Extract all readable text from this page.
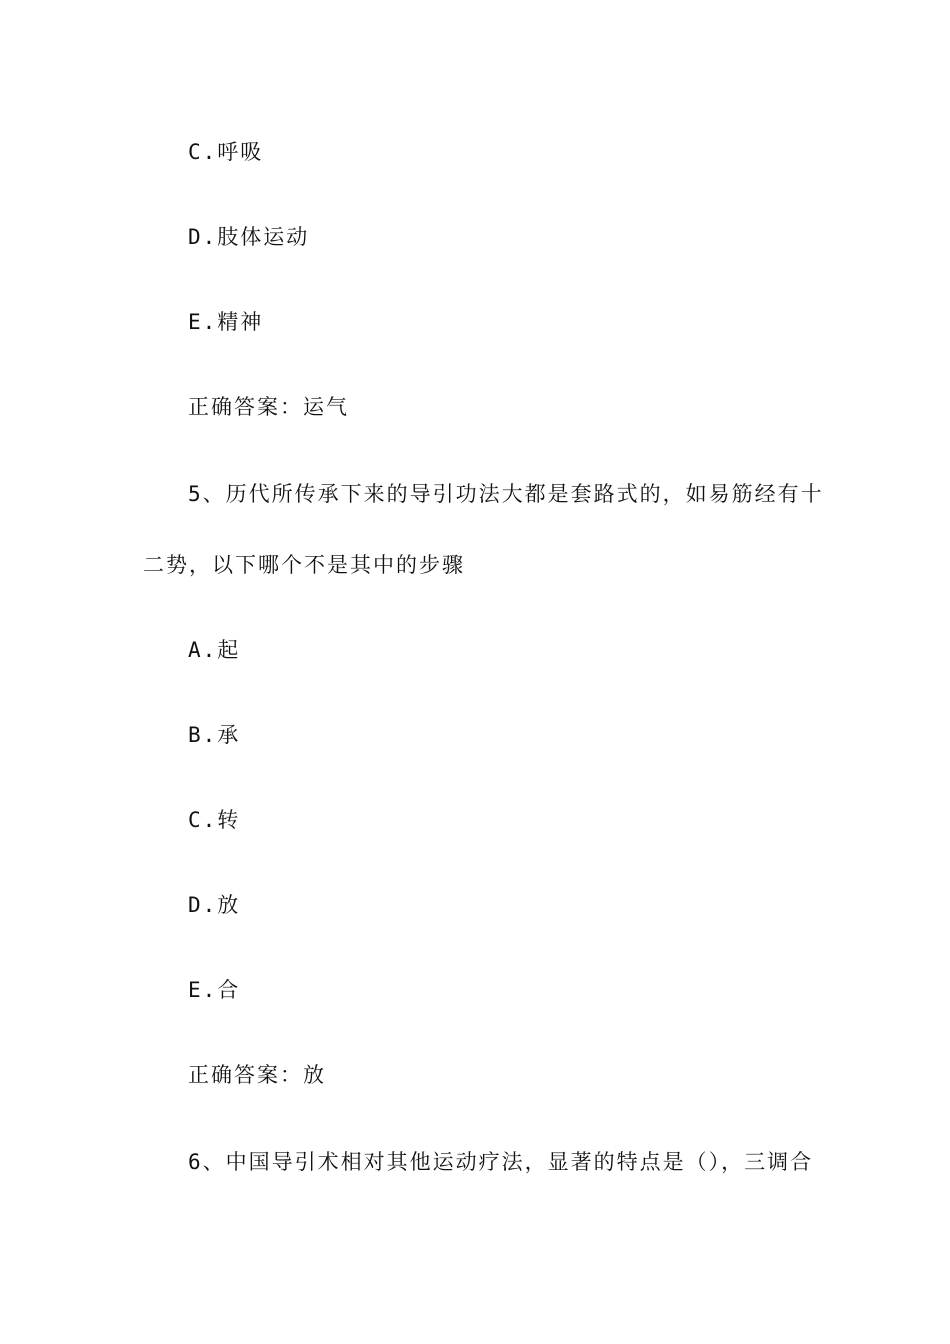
C.呼吸
D.肢体运动
E.精神
正确答案：运气
5、历代所传承下来的导引功法大都是套路式的，如易筋经有十
二势，以下哪个不是其中的步骤
A.起
B.承
C.转
D.放
E.合
正确答案：放
6、中国导引术相对其他运动疗法，显著的特点是（），三调合
